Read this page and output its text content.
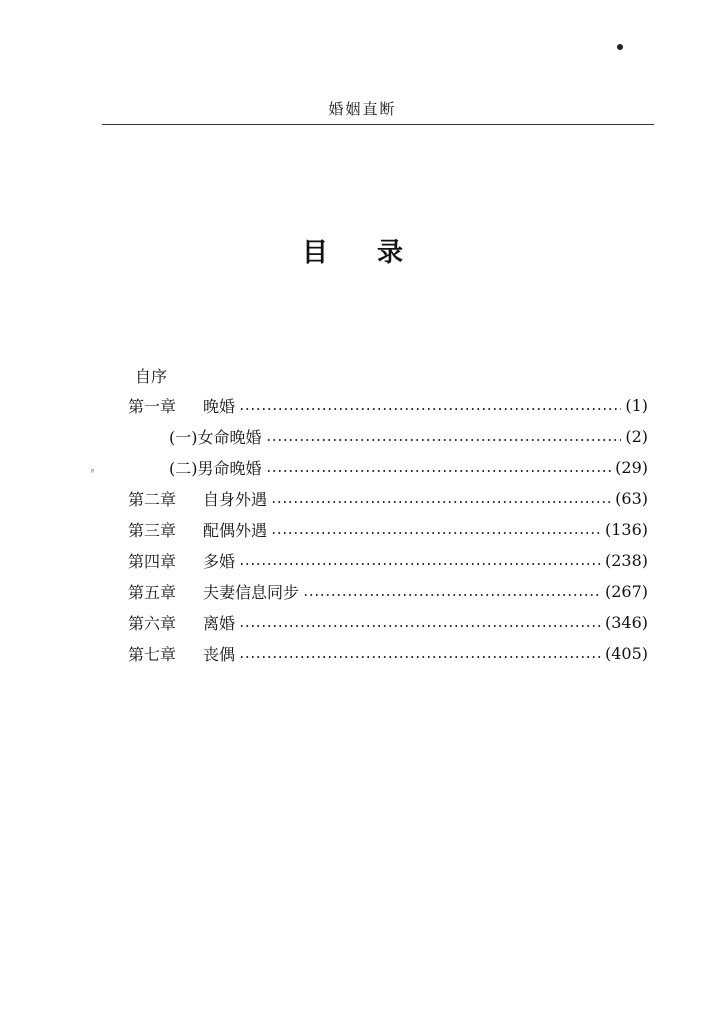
ᵖ
婚姻直断
目 录
自序
第一章	晚婚	(1)
(一)女命晚婚	(2)
(二)男命晚婚	(29)
第二章	自身外遇	(63)
第三章	配偶外遇	(136)
第四章	多婚	(238)
第五章	夫妻信息同步	(267)
第六章	离婚	(346)
第七章	丧偶	(405)
